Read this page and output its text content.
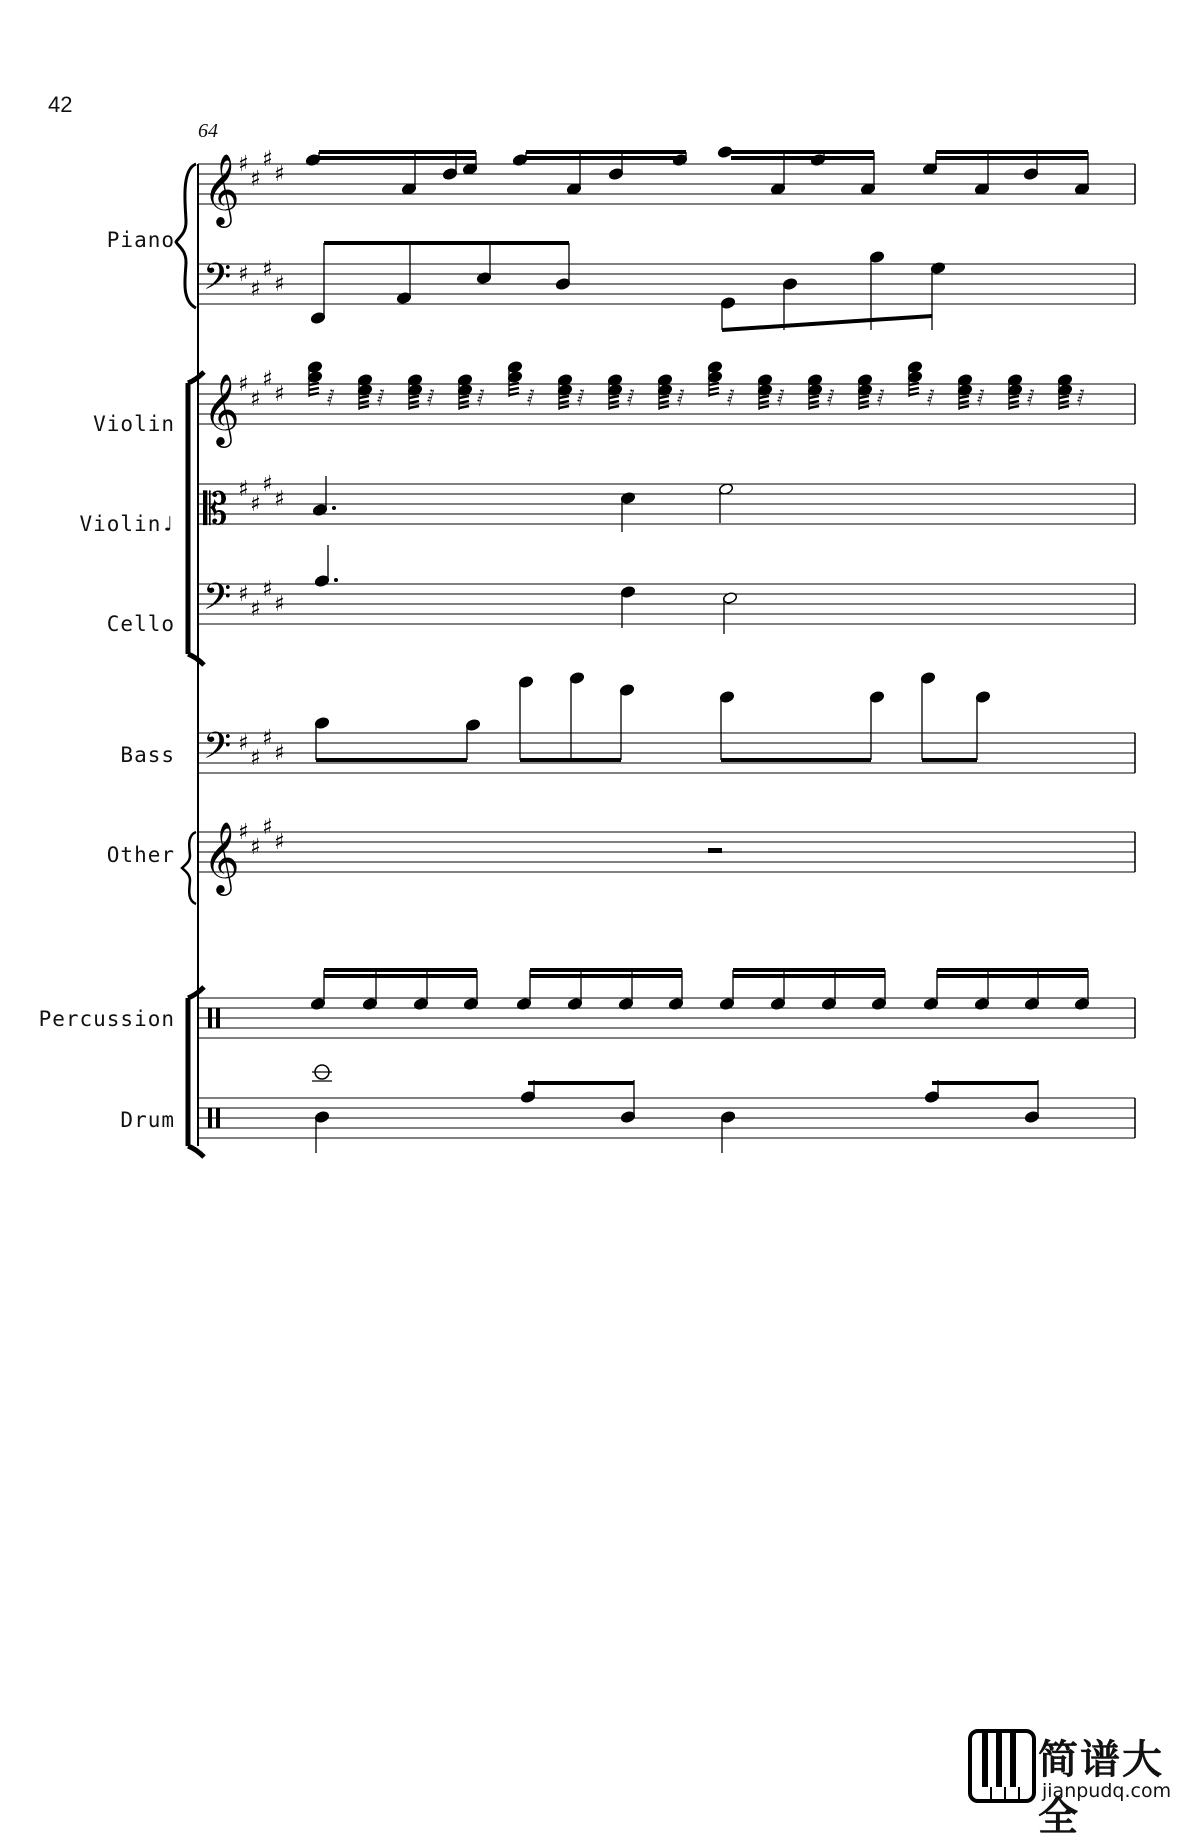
42
64
Piano
Violin
Violin♩
Cello
Bass
Other
Percussion
Drum
𝄞
𝄢
𝄞
𝄡
𝄢
𝄢
𝄞
♯
♯
♯
♯
♯
♯
♯
♯
♯
♯
♯
♯
♯
♯
♯
♯
♯
♯
♯
♯
♯
♯
♯
♯
♯
♯
♯
♯
𝅁 𝅁 𝅁 𝅁 𝅁 𝅁 𝅁 𝅁 𝅁 𝅁 𝅁 𝅁 𝅁 𝅁 𝅁 𝅁
简谱大全
jianpudq.com
